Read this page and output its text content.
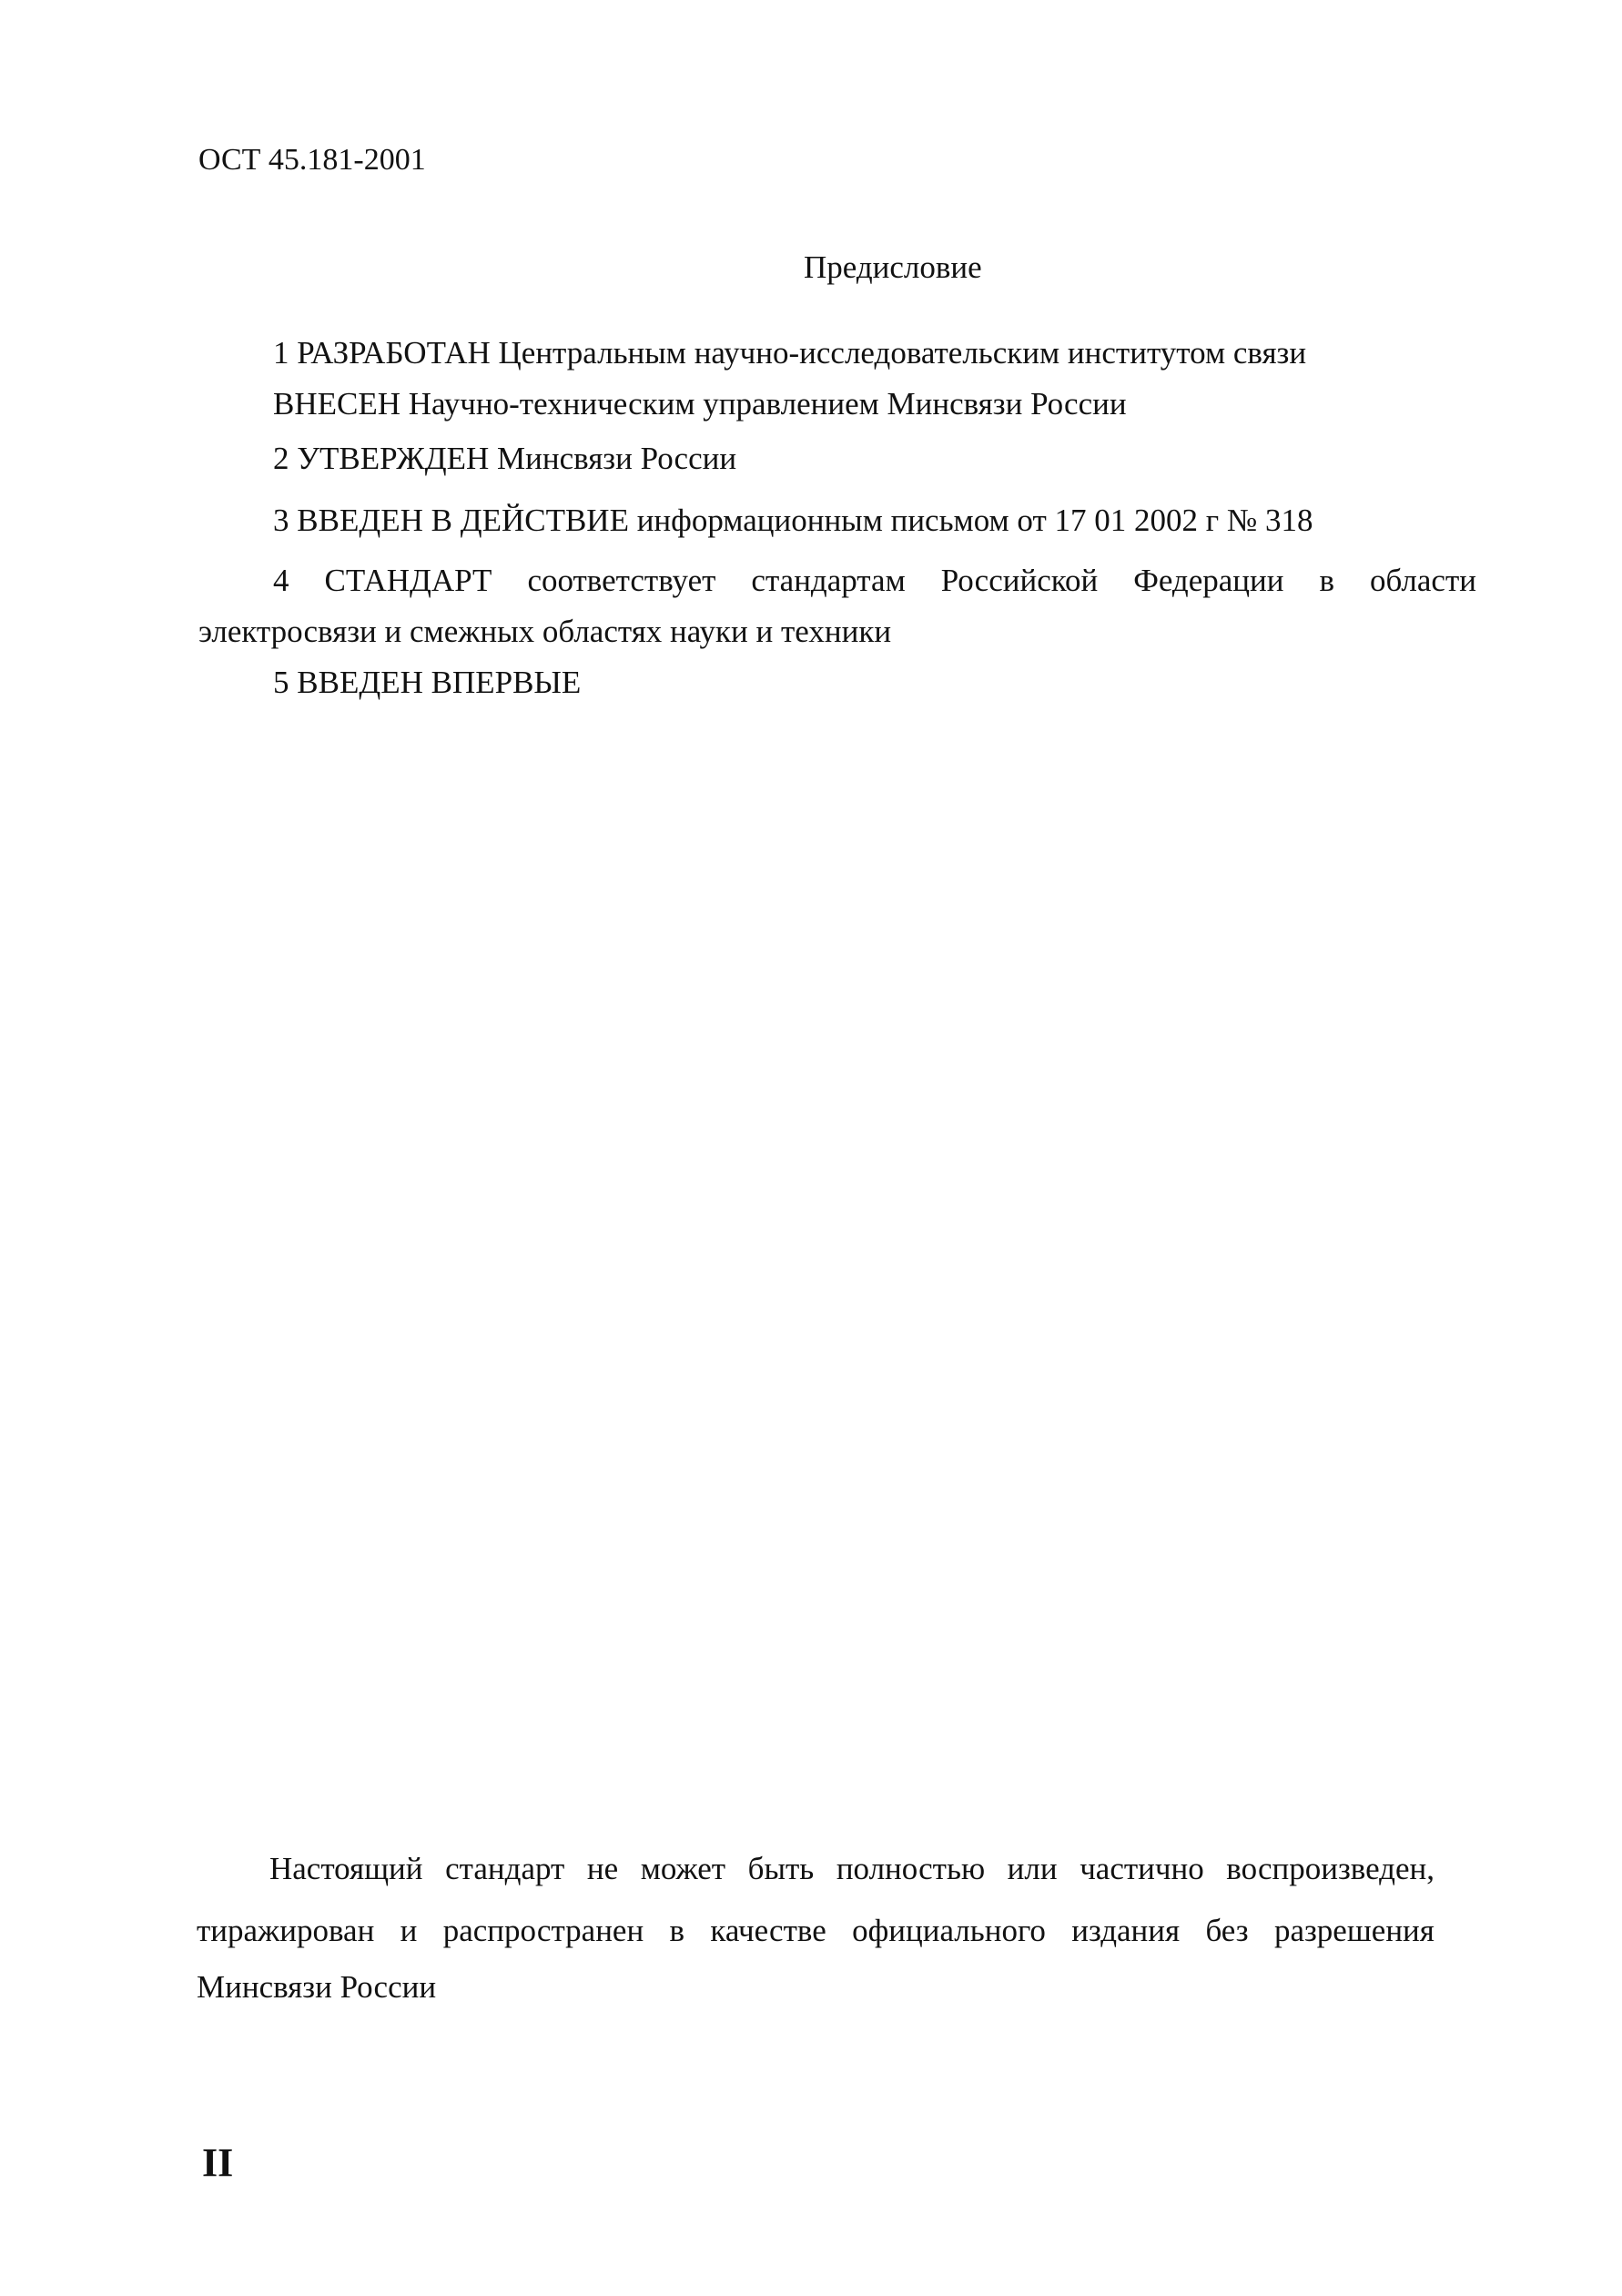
ОСТ 45.181-2001
Предисловие
1 РАЗРАБОТАН Центральным научно-исследовательским институтом связи
ВНЕСЕН Научно-техническим управлением Минсвязи России
2 УТВЕРЖДЕН Минсвязи России
3 ВВЕДЕН В ДЕЙСТВИЕ информационным письмом от 17 01 2002 г № 318
4 СТАНДАРТ соответствует стандартам Российской Федерации в области
электросвязи и смежных областях науки и техники
5 ВВЕДЕН ВПЕРВЫЕ
Настоящий стандарт не может быть полностью или частично воспроизведен,
тиражирован и распространен в качестве официального издания без разрешения
Минсвязи России
II
